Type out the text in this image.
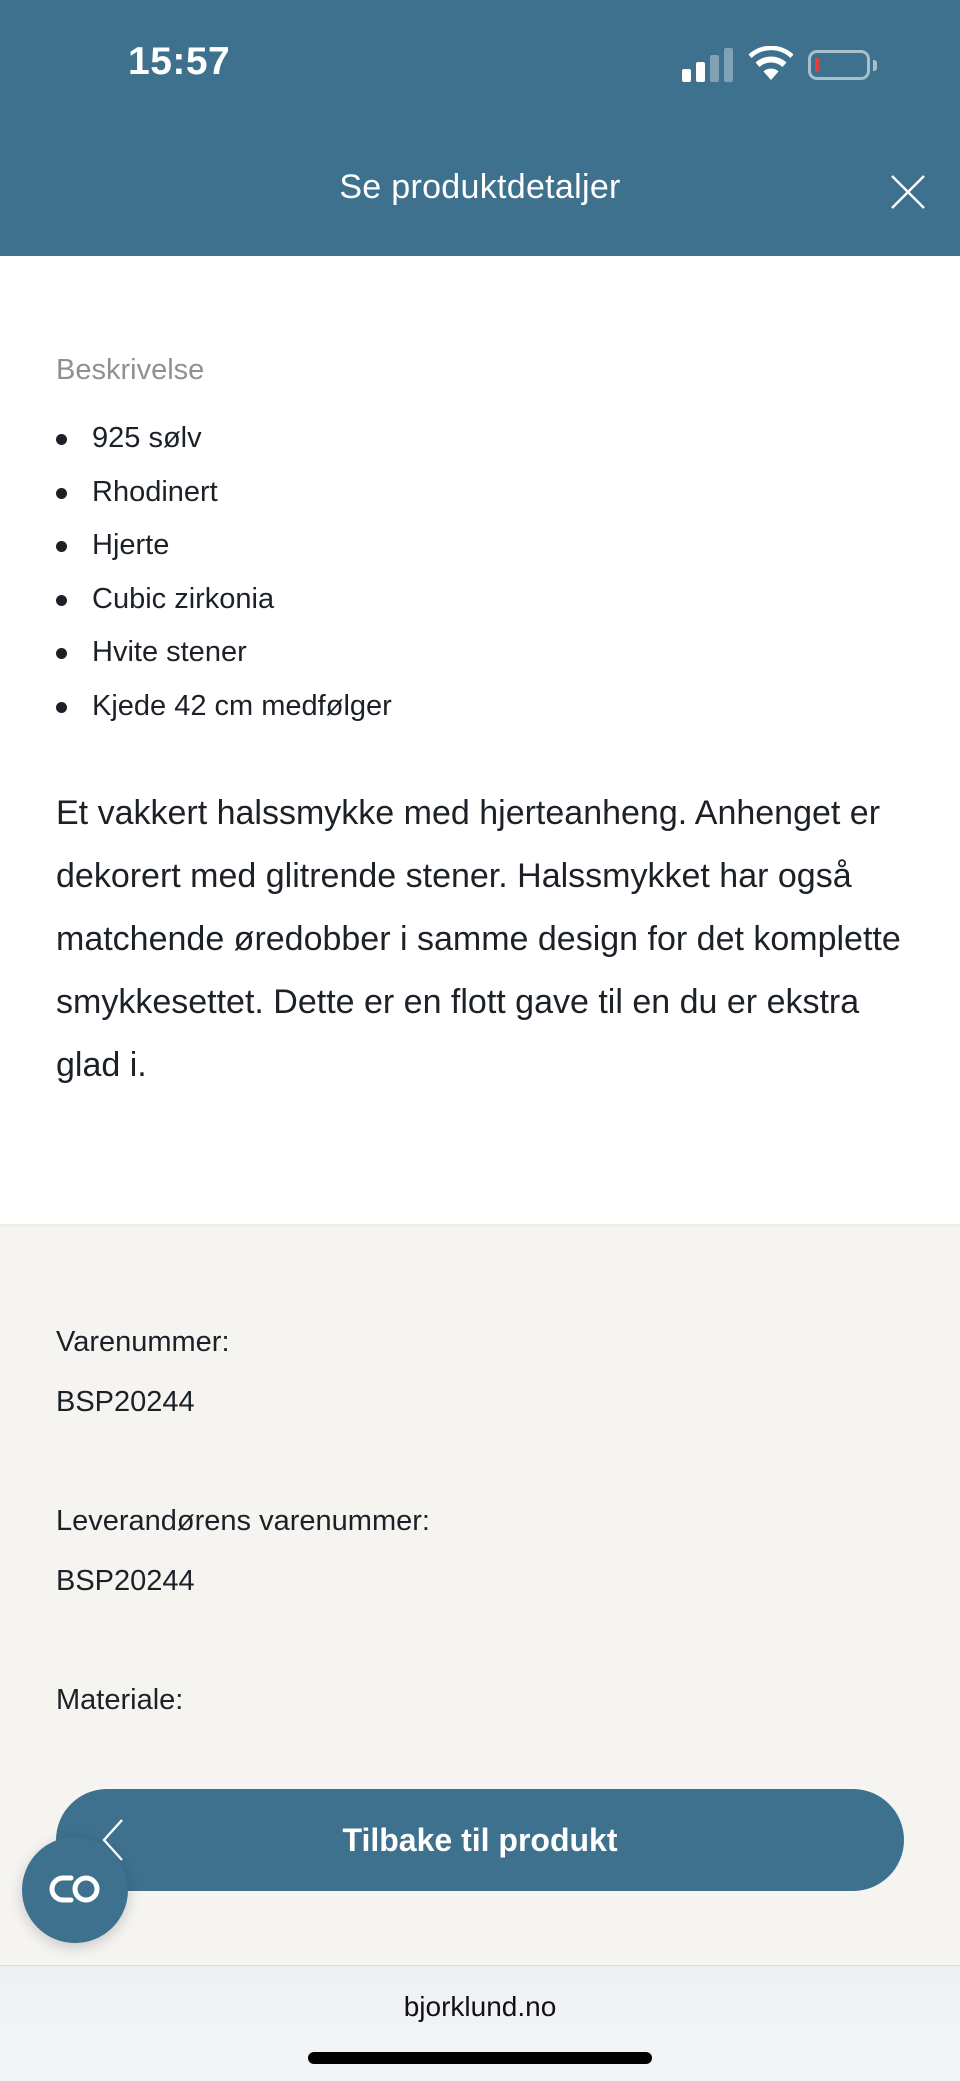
15:57
Se produktdetaljer
Beskrivelse
925 sølv
Rhodinert
Hjerte
Cubic zirkonia
Hvite stener
Kjede 42 cm medfølger

Et vakkert halssmykke med hjerteanheng. Anhenget er dekorert med glitrende stener. Halssmykket har også matchende øredobber i samme design for det komplette smykkesettet. Dette er en flott gave til en du er ekstra glad i.

Varenummer:
BSP20244
Leverandørens varenummer:
BSP20244
Materiale:
Tilbake til produkt
bjorklund.no
